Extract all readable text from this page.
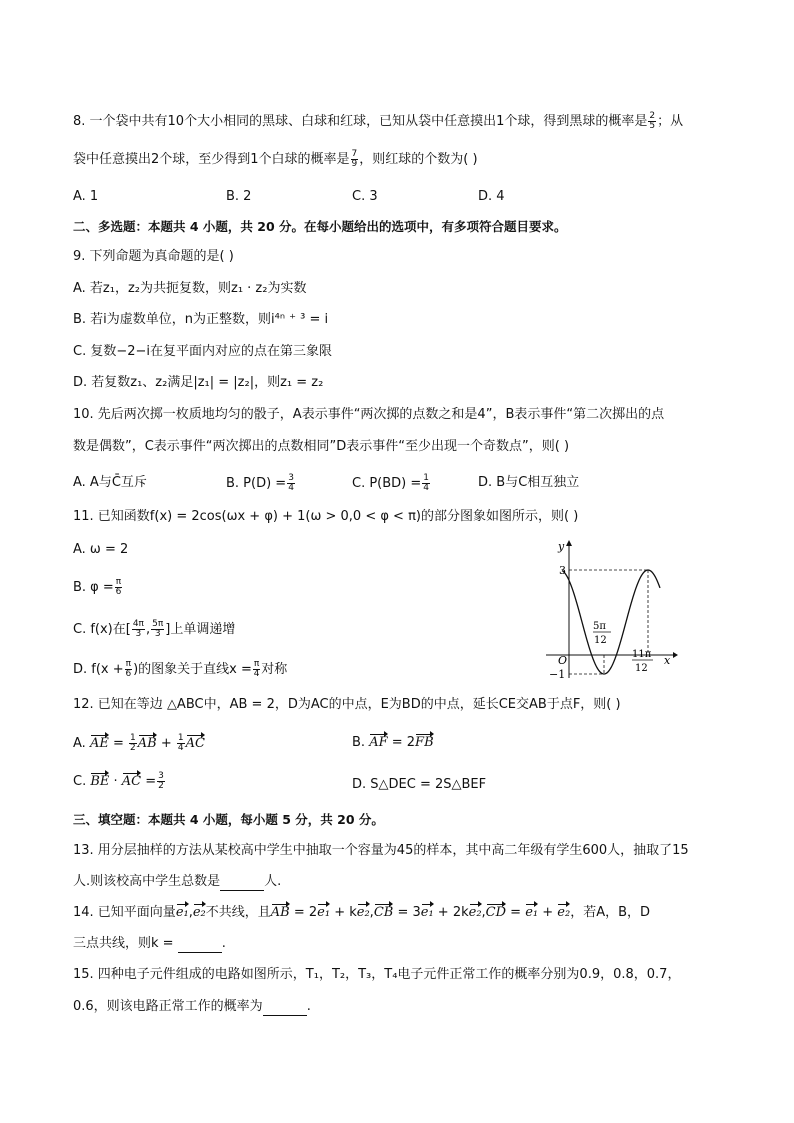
8. 一个袋中共有10个大小相同的黑球、白球和红球，已知从袋中任意摸出1个球，得到黑球的概率是 $\frac{2}{5}$ ；从
袋中任意摸出2个球，至少得到1个白球的概率是 $\frac{7}{9}$ ，则红球的个数为( )
A. 1	B. 2	C. 3	D. 4
二、多选题：本题共 4 小题，共 20 分。在每小题给出的选项中，有多项符合题目要求。
9. 下列命题为真命题的是( )
A. 若z₁，z₂为共扼复数，则z₁ · z₂为实数
B. 若i为虚数单位，n为正整数，则i⁴ⁿ ⁺ ³ = i
C. 复数−2−i在复平面内对应的点在第三象限
D. 若复数z₁、z₂满足|z₁| = |z₂|，则z₁ = z₂
10. 先后两次掷一枚质地均匀的骰子，A表示事件“两次掷的点数之和是4”，B表示事件“第二次掷出的点
数是偶数”，C表示事件“两次掷出的点数相同”D表示事件“至少出现一个奇数点”，则( )
A. A与C̄互斥	B. $P(D) = \frac{3}{4}$	C. $P(BD) = \frac{1}{4}$	D. B与C相互独立
11. 已知函数f(x) = 2cos(ωx + φ) + 1(ω > 0,0 < φ < π)的部分图象如图所示，则( )
A. ω = 2
B. $\varphi = \frac{\pi}{6}$
C. f(x)在[ $\frac{4\pi}{3}$ , $\frac{5\pi}{3}$ ]上单调递增
D. $f(x + \frac{\pi}{6}$ )的图象关于直线$x = \frac{\pi}{4}$ 对称
y
x
O
3
−1
5π
12
11π
12
12. 已知在等边 △ABC中，AB = 2，D为AC的中点，E为BD的中点，延长CE交AB于点F，则( )
A. AE = $\frac{1}{2}$ AB + $\frac{1}{4}$ AC	B. AF = 2FB
C. BE · AC = $\frac{3}{2}$	D. S△DEC = 2S△BEF
三、填空题：本题共 4 小题，每小题 5 分，共 20 分。
13. 用分层抽样的方法从某校高中学生中抽取一个容量为45的样本，其中高二年级有学生600人，抽取了15
人.则该校高中学生总数是	人.
14. 已知平面向量e₁,e₂不共线，且AB = 2e₁ + ke₂,CB = 3e₁ + 2ke₂,CD = e₁ + e₂，若A，B，D
三点共线，则k =	.
15. 四种电子元件组成的电路如图所示，T₁，T₂，T₃，T₄电子元件正常工作的概率分别为0.9，0.8，0.7，
0.6，则该电路正常工作的概率为	.
